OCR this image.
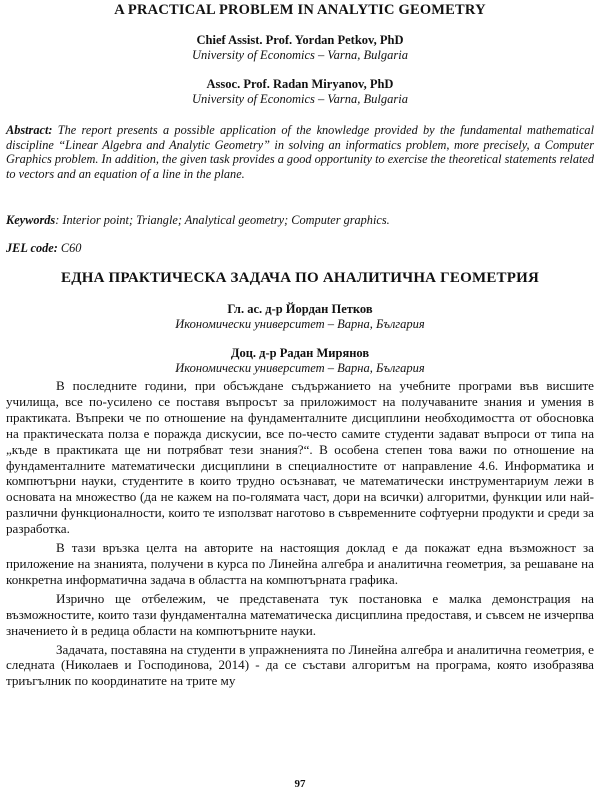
A PRACTICAL PROBLEM IN ANALYTIC GEOMETRY
Chief Assist. Prof. Yordan Petkov, PhD
University of Economics – Varna, Bulgaria
Assoc. Prof. Radan Miryanov, PhD
University of Economics – Varna, Bulgaria
Abstract: The report presents a possible application of the knowledge provided by the fundamental mathematical discipline “Linear Algebra and Analytic Geometry” in solving an informatics problem, more precisely, a Computer Graphics problem. In addition, the given task provides a good opportunity to exercise the theoretical statements related to vectors and an equation of a line in the plane.
Keywords: Interior point; Triangle; Analytical geometry; Computer graphics.
JEL code: C60
ЕДНА ПРАКТИЧЕСКА ЗАДАЧА ПО АНАЛИТИЧНА ГЕОМЕТРИЯ
Гл. ас. д-р Йордан Петков
Икономически университет – Варна, България
Доц. д-р Радан Мирянов
Икономически университет – Варна, България

В последните години, при обсъждане съдържанието на учебните програми във висшите училища, все по-усилено се поставя въпросът за приложимост на получаваните знания и умения в практиката. Въпреки че по отношение на фундаменталните дисциплини необходимостта от обосновка на практическата полза е поражда дискусии, все по-често самите студенти задават въпроси от типа на „къде в практиката ще ни потрябват тези знания?“. В особена степен това важи по отношение на фундаменталните математически дисциплини в специалностите от направление 4.6. Информатика и компютърни науки, студентите в които трудно осъзнават, че математически инструментариум лежи в основата на множество (да не кажем на по-голямата част, дори на всички) алгоритми, функции или най-различни функционалности, които те използват наготово в съвременните софтуерни продукти и среди за разработка.

В тази връзка целта на авторите на настоящия доклад е да покажат една възможност за приложение на знанията, получени в курса по Линейна алгебра и аналитична геометрия, за решаване на конкретна информатична задача в областта на компютърната графика.

Изрично ще отбележим, че представената тук постановка е малка демонстрация на възможностите, които тази фундаментална математическа дисциплина предоставя, и съвсем не изчерпва значението ѝ в редица области на компютърните науки.

Задачата, поставяна на студенти в упражненията по Линейна алгебра и аналитична геометрия, е следната (Николаев и Господинова, 2014) - да се състави алгоритъм на програма, която изобразява триъгълник по координатите на трите му

97
